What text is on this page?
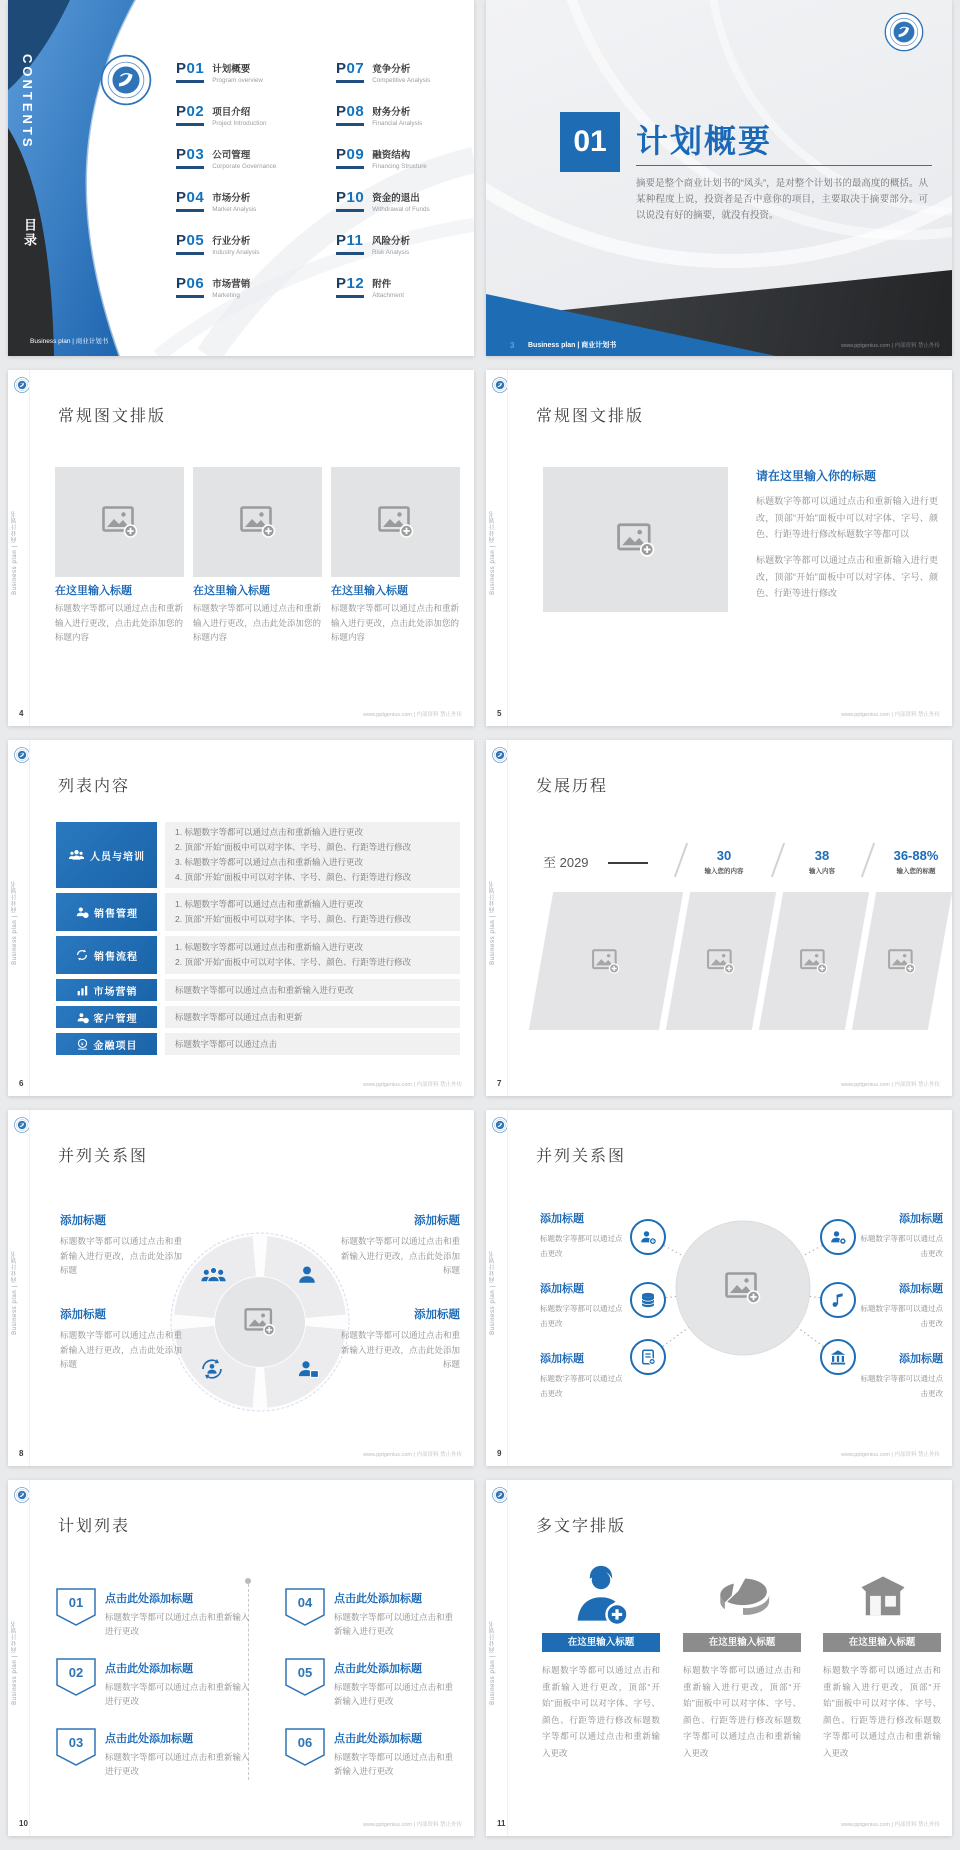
CONTENTS
目录
P01 计划概要
Program overview
P02 项目介绍
Project Introduction
P03 公司管理
Corporate Governance
P04 市场分析
Market Analysis
P05 行业分析
Industry Analysis
P06 市场营销
Marketing
P07 竞争分析
Competitive Analysis
P08 财务分析
Financial Analysis
P09 融资结构
Financing Structure
P10 资金的退出
Withdrawal of Funds
P11 风险分析
Risk Analysis
P12 附件
Attachment
Business plan | 商业计划书
01 计划概要
摘要是整个商业计划书的“凤头”，是对整个计划书的最高度的概括。从某种程度上说，投资者是否中意你的项目，主要取决于摘要部分。可以说没有好的摘要，就没有投资。
3 Business plan | 商业计划书	www.pptgenius.com | 内部资料 禁止外传
Business plan | 商业计划书
常规图文排版
在这里输入标题	在这里输入标题	在这里输入标题
标题数字等都可以通过点击和重新输入进行更改，点击此处添加您的标题内容
标题数字等都可以通过点击和重新输入进行更改，点击此处添加您的标题内容
标题数字等都可以通过点击和重新输入进行更改，点击此处添加您的标题内容
4	www.pptgenius.com | 内部资料 禁止外传
Business plan | 商业计划书
常规图文排版
请在这里输入你的标题
标题数字等都可以通过点击和重新输入进行更改，顶部“开始”面板中可以对字体、字号、颜色、行距等进行修改标题数字等都可以
标题数字等都可以通过点击和重新输入进行更改，顶部“开始”面板中可以对字体、字号、颜色、行距等进行修改
5	www.pptgenius.com | 内部资料 禁止外传
Business plan | 商业计划书
列表内容
人员与培训
1. 标题数字等都可以通过点击和重新输入进行更改
2. 顶部“开始”面板中可以对字体、字号、颜色、行距等进行修改
3. 标题数字等都可以通过点击和重新输入进行更改
4. 顶部“开始”面板中可以对字体、字号、颜色、行距等进行修改
销售管理
1. 标题数字等都可以通过点击和重新输入进行更改
2. 顶部“开始”面板中可以对字体、字号、颜色、行距等进行修改
销售流程
1. 标题数字等都可以通过点击和重新输入进行更改
2. 顶部“开始”面板中可以对字体、字号、颜色、行距等进行修改
市场营销	标题数字等都可以通过点击和重新输入进行更改
客户管理	标题数字等都可以通过点击和更新
金融项目	标题数字等都可以通过点击
6	www.pptgenius.com | 内部资料 禁止外传
Business plan | 商业计划书
发展历程
至 2029	30
输入您的内容
38
输入内容
36-88%
输入您的标题
7	www.pptgenius.com | 内部资料 禁止外传
Business plan | 商业计划书
并列关系图
添加标题

标题数字等都可以通过点击和重新输入进行更改，点击此处添加标题

添加标题

标题数字等都可以通过点击和重新输入进行更改，点击此处添加标题

添加标题

标题数字等都可以通过点击和重新输入进行更改，点击此处添加标题

添加标题

标题数字等都可以通过点击和重新输入进行更改，点击此处添加标题

8	www.pptgenius.com | 内部资料 禁止外传
Business plan | 商业计划书
并列关系图
添加标题

标题数字等都可以通过点击更改

添加标题

标题数字等都可以通过点击更改

添加标题

标题数字等都可以通过点击更改

添加标题

标题数字等都可以通过点击更改

添加标题

标题数字等都可以通过点击更改

添加标题

标题数字等都可以通过点击更改

9	www.pptgenius.com | 内部资料 禁止外传
Business plan | 商业计划书
计划列表
01	点击此处添加标题
标题数字等都可以通过点击和重新输入进行更改
02	点击此处添加标题
标题数字等都可以通过点击和重新输入进行更改
03	点击此处添加标题
标题数字等都可以通过点击和重新输入进行更改
04	点击此处添加标题
标题数字等都可以通过点击和重新输入进行更改
05	点击此处添加标题
标题数字等都可以通过点击和重新输入进行更改
06	点击此处添加标题
标题数字等都可以通过点击和重新输入进行更改
10	www.pptgenius.com | 内部资料 禁止外传
Business plan | 商业计划书
多文字排版
在这里输入标题	在这里输入标题	在这里输入标题
标题数字等都可以通过点击和重新输入进行更改，顶部“开始”面板中可以对字体、字号、颜色、行距等进行修改标题数字等都可以通过点击和重新输入更改
标题数字等都可以通过点击和重新输入进行更改，顶部“开始”面板中可以对字体、字号、颜色、行距等进行修改标题数字等都可以通过点击和重新输入更改
标题数字等都可以通过点击和重新输入进行更改，顶部“开始”面板中可以对字体、字号、颜色、行距等进行修改标题数字等都可以通过点击和重新输入更改
11	www.pptgenius.com | 内部资料 禁止外传
